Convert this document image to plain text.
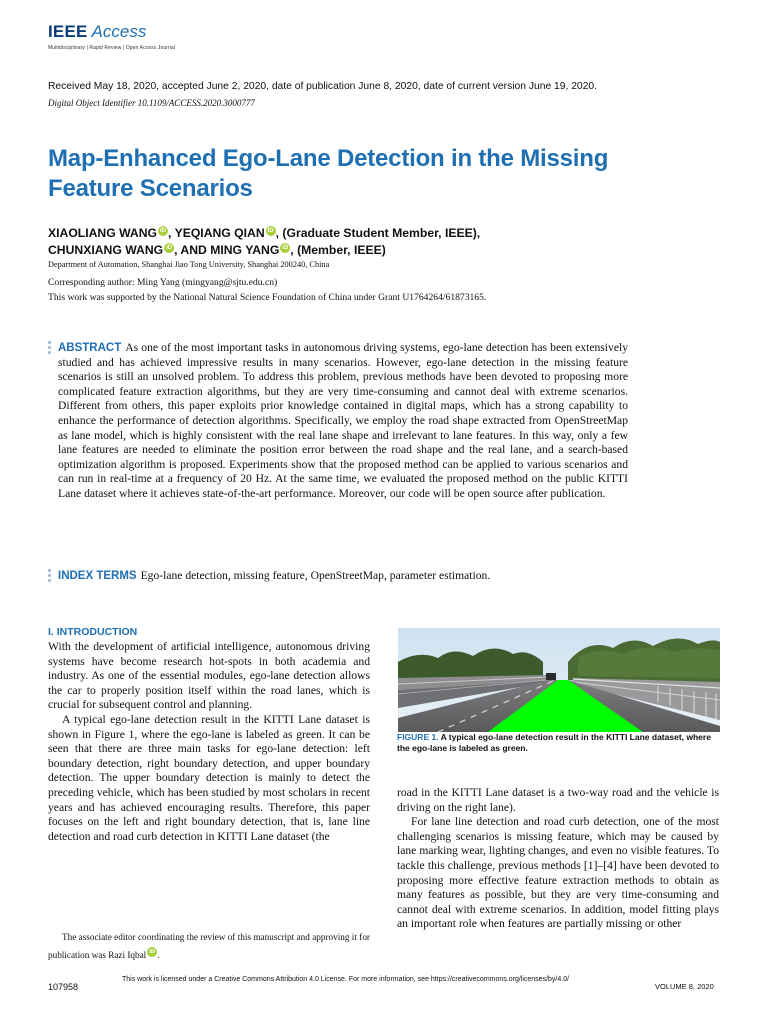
IEEE Access
Multidisciplinary | Rapid Review | Open Access Journal
Received May 18, 2020, accepted June 2, 2020, date of publication June 8, 2020, date of current version June 19, 2020.
Digital Object Identifier 10.1109/ACCESS.2020.3000777
Map-Enhanced Ego-Lane Detection in the Missing Feature Scenarios
XIAOLIANG WANG iD , YEQIANG QIAN iD , (Graduate Student Member, IEEE),
CHUNXIANG WANG iD , AND MING YANG iD , (Member, IEEE)
Department of Automation, Shanghai Jiao Tong University, Shanghai 200240, China
Corresponding author: Ming Yang (mingyang@sjtu.edu.cn)
This work was supported by the National Natural Science Foundation of China under Grant U1764264/61873165.
ABSTRACT As one of the most important tasks in autonomous driving systems, ego-lane detection has been extensively studied and has achieved impressive results in many scenarios. However, ego-lane detection in the missing feature scenarios is still an unsolved problem. To address this problem, previous methods have been devoted to proposing more complicated feature extraction algorithms, but they are very time-consuming and cannot deal with extreme scenarios. Different from others, this paper exploits prior knowledge contained in digital maps, which has a strong capability to enhance the performance of detection algorithms. Specifically, we employ the road shape extracted from OpenStreetMap as lane model, which is highly consistent with the real lane shape and irrelevant to lane features. In this way, only a few lane features are needed to eliminate the position error between the road shape and the real lane, and a search-based optimization algorithm is proposed. Experiments show that the proposed method can be applied to various scenarios and can run in real-time at a frequency of 20 Hz. At the same time, we evaluated the proposed method on the public KITTI Lane dataset where it achieves state-of-the-art performance. Moreover, our code will be open source after publication.
INDEX TERMS Ego-lane detection, missing feature, OpenStreetMap, parameter estimation.
I. INTRODUCTION

With the development of artificial intelligence, autonomous driving systems have become research hot-spots in both academia and industry. As one of the essential modules, ego-lane detection allows the car to properly position itself within the road lanes, which is crucial for subsequent control and planning.

A typical ego-lane detection result in the KITTI Lane dataset is shown in Figure 1, where the ego-lane is labeled as green. It can be seen that there are three main tasks for ego-lane detection: left boundary detection, right boundary detection, and upper boundary detection. The upper boundary detection is mainly to detect the preceding vehicle, which has been studied by most scholars in recent years and has achieved encouraging results. Therefore, this paper focuses on the left and right boundary detection, that is, lane line detection and road curb detection in KITTI Lane dataset (the

The associate editor coordinating the review of this manuscript and approving it for publication was Razi Iqbal iD .
FIGURE 1. A typical ego-lane detection result in the KITTI Lane dataset, where the ego-lane is labeled as green.

road in the KITTI Lane dataset is a two-way road and the vehicle is driving on the right lane).

For lane line detection and road curb detection, one of the most challenging scenarios is missing feature, which may be caused by lane marking wear, lighting changes, and even no visible features. To tackle this challenge, previous methods [1]–[4] have been devoted to proposing more effective feature extraction methods to obtain as many features as possible, but they are very time-consuming and cannot deal with extreme scenarios. In addition, model fitting plays an important role when features are partially missing or other

107958
This work is licensed under a Creative Commons Attribution 4.0 License. For more information, see https://creativecommons.org/licenses/by/4.0/
VOLUME 8, 2020
